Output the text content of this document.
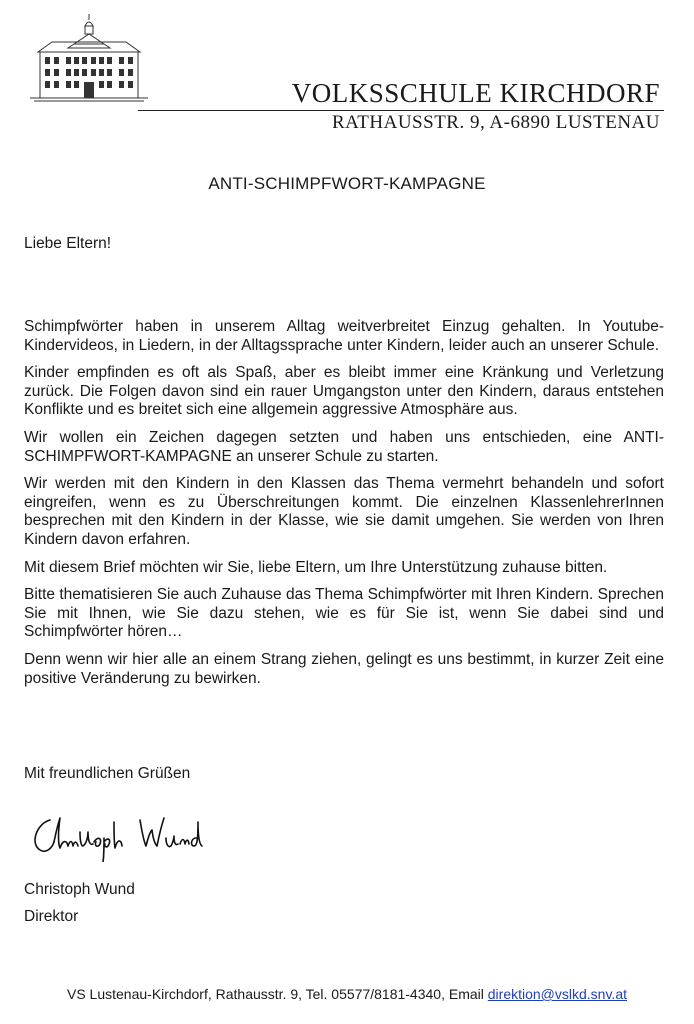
VOLKSSCHULE KIRCHDORF
RATHAUSSTR. 9, A-6890 LUSTENAU
ANTI-SCHIMPFWORT-KAMPAGNE
Liebe Eltern!

Schimpfwörter haben in unserem Alltag weitverbreitet Einzug gehalten. In Youtube-Kindervideos, in Liedern, in der Alltagssprache unter Kindern, leider auch an unserer Schule.

Kinder empfinden es oft als Spaß, aber es bleibt immer eine Kränkung und Verletzung zurück. Die Folgen davon sind ein rauer Umgangston unter den Kindern, daraus entstehen Konflikte und es breitet sich eine allgemein aggressive Atmosphäre aus.

Wir wollen ein Zeichen dagegen setzten und haben uns entschieden, eine ANTI-SCHIMPFWORT-KAMPAGNE an unserer Schule zu starten.

Wir werden mit den Kindern in den Klassen das Thema vermehrt behandeln und sofort eingreifen, wenn es zu Überschreitungen kommt. Die einzelnen KlassenlehrerInnen besprechen mit den Kindern in der Klasse, wie sie damit umgehen. Sie werden von Ihren Kindern davon erfahren.

Mit diesem Brief möchten wir Sie, liebe Eltern, um Ihre Unterstützung zuhause bitten.

Bitte thematisieren Sie auch Zuhause das Thema Schimpfwörter mit Ihren Kindern. Sprechen Sie mit Ihnen, wie Sie dazu stehen, wie es für Sie ist, wenn Sie dabei sind und Schimpfwörter hören…

Denn wenn wir hier alle an einem Strang ziehen, gelingt es uns bestimmt, in kurzer Zeit eine positive Veränderung zu bewirken.

Mit freundlichen Grüßen
Christoph Wund
Direktor
VS Lustenau-Kirchdorf, Rathausstr. 9, Tel. 05577/8181-4340, Email direktion@vslkd.snv.at
